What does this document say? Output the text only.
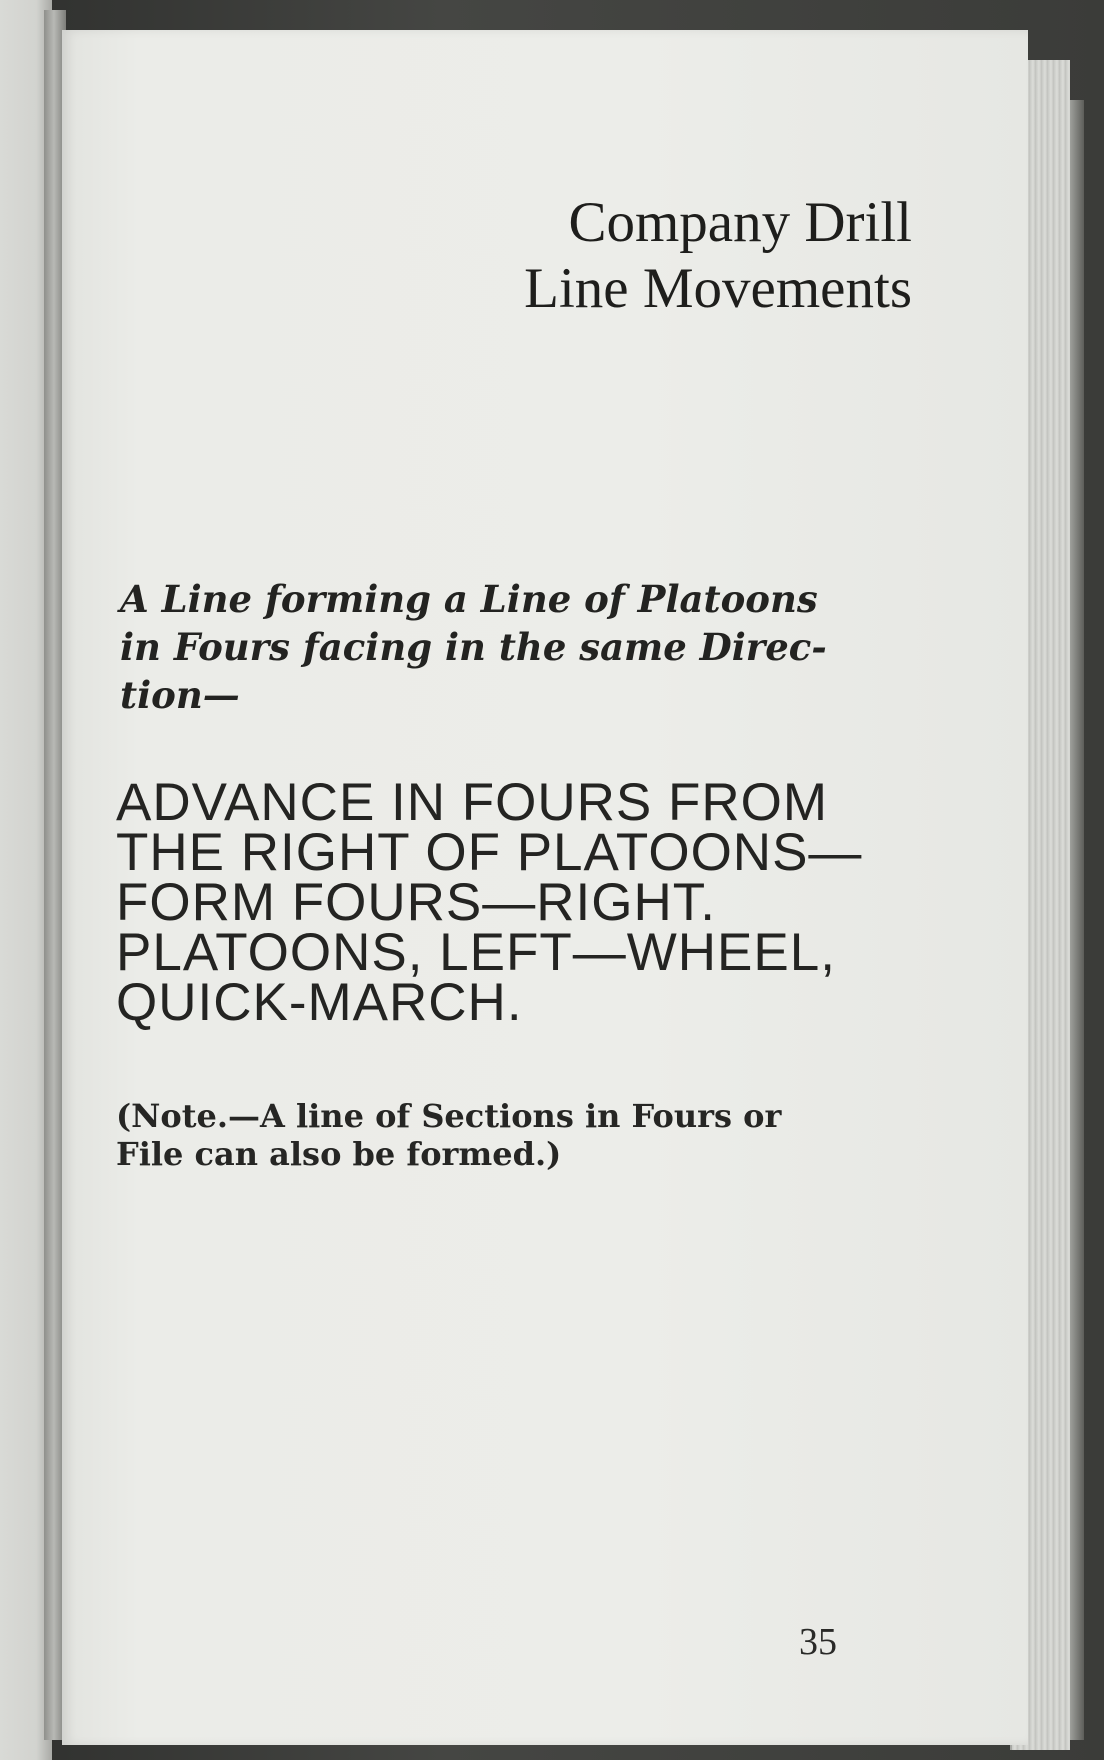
Company Drill
Line Movements

A Line forming a Line of Platoons
in Fours facing in the same Direc-
tion—

ADVANCE IN FOURS FROM
THE RIGHT OF PLATOONS—
FORM FOURS—RIGHT.
PLATOONS, LEFT—WHEEL,
QUICK-MARCH.

(Note.—A line of Sections in Fours or
File can also be formed.)

35
